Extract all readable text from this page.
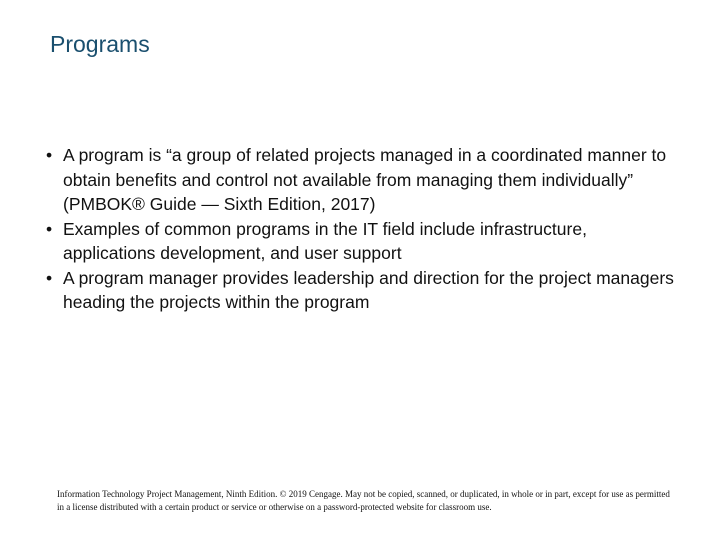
Programs
• A program is “a group of related projects managed in a coordinated manner to obtain benefits and control not available from managing them individually” (PMBOK® Guide — Sixth Edition, 2017)
• Examples of common programs in the IT field include infrastructure, applications development, and user support
• A program manager provides leadership and direction for the project managers heading the projects within the program

Information Technology Project Management, Ninth Edition. © 2019 Cengage. May not be copied, scanned, or duplicated, in whole or in part, except for use as permitted in a license distributed with a certain product or service or otherwise on a password-protected website for classroom use.
